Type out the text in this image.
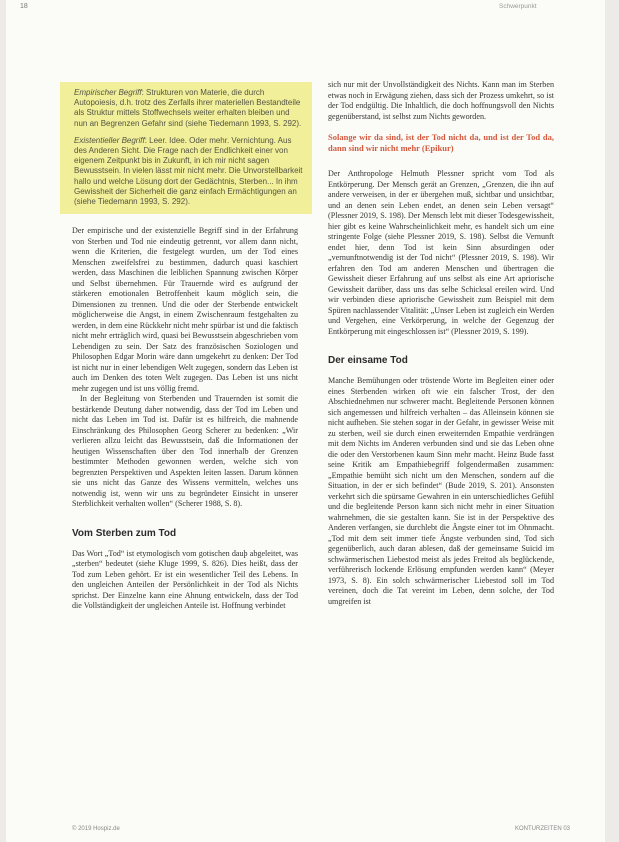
18	Schwerpunkt

Empirischer Begriff: Strukturen von Materie, die durch Autopoiesis, d.h. trotz des Zerfalls ihrer materiellen Bestandteile als Struktur mittels Stoffwechsels weiter erhalten bleiben und nun an Begrenzen Gefahr sind (siehe Tiedemann 1993, S. 292).

Existentieller Begriff: Leer. Idee. Oder mehr. Vernichtung. Aus des Anderen Sicht. Die Frage nach der Endlichkeit einer von eigenem Zeitpunkt bis in Zukunft, in ich mir nicht sagen Bewusstsein. In vielen lässt mir nicht mehr. Die Unvorstellbarkeit hallo und welche Lösung dort der Gedächtnis, Sterben... In ihm Gewissheit der Sicherheit die ganz einfach Ermächtigungen an (siehe Tiedemann 1993, S. 292).

Der empirische und der existenzielle Begriff sind in der Erfahrung von Sterben und Tod nie eindeutig getrennt, vor allem dann nicht, wenn die Kriterien, die festgelegt wurden, um der Tod eines Menschen zweifelsfrei zu bestimmen, dadurch quasi kaschiert werden, dass Maschinen die leiblichen Spannung zwischen Körper und Selbst übernehmen. Für Trauernde wird es aufgrund der stärkeren emotionalen Betroffenheit kaum möglich sein, die Dimensionen zu trennen. Und die oder der Sterbende entwickelt möglicherweise die Angst, in einem Zwischenraum festgehalten zu werden, in dem eine Rückkehr nicht mehr spürbar ist und die faktisch nicht mehr erträglich wird, quasi bei Bewusstsein abgeschrieben vom Lebendigen zu sein. Der Satz des französischen Soziologen und Philosophen Edgar Morin wäre dann umgekehrt zu denken: Der Tod ist nicht nur in einer lebendigen Welt zugegen, sondern das Leben ist auch im Denken des toten Welt zugegen. Das Leben ist uns nicht mehr zugegen und ist uns völlig fremd.

In der Begleitung von Sterbenden und Trauernden ist somit die bestärkende Deutung daher notwendig, dass der Tod im Leben und nicht das Leben im Tod ist. Dafür ist es hilfreich, die mahnende Einschränkung des Philosophen Georg Scherer zu bedenken: „Wir verlieren allzu leicht das Bewusstsein, daß die Informationen der heutigen Wissenschaften über den Tod innerhalb der Grenzen bestimmter Methoden gewonnen werden, welche sich von begrenzten Perspektiven und Aspekten leiten lassen. Darum können sie uns nicht das Ganze des Wissens vermitteln, welches uns notwendig ist, wenn wir uns zu begründeter Einsicht in unserer Sterblichkeit verhalten wollen“ (Scherer 1988, S. 8).

Vom Sterben zum Tod

Das Wort „Tod“ ist etymologisch vom gotischen dauþ abgeleitet, was „sterben“ bedeutet (siehe Kluge 1999, S. 826). Dies heißt, dass der Tod zum Leben gehört. Er ist ein wesentlicher Teil des Lebens. In den ungleichen Anteilen der Persönlichkeit in der Tod als Nichts sprichst. Der Einzelne kann eine Ahnung entwickeln, dass der Tod die Vollständigkeit der ungleichen Anteile ist. Hoffnung verbindet

sich nur mit der Unvollständigkeit des Nichts. Kann man im Sterben etwas noch in Erwägung ziehen, dass sich der Prozess umkehrt, so ist der Tod endgültig. Die Inhaltlich, die doch hoffnungsvoll den Nichts gegenüberstand, ist selbst zum Nichts geworden.

Solange wir da sind, ist der Tod nicht da, und ist der Tod da, dann sind wir nicht mehr (Epikur)

Der Anthropologe Helmuth Plessner spricht vom Tod als Entkörperung. Der Mensch gerät an Grenzen, „Grenzen, die ihn auf andere verweisen, in der er übergehen muß, sichtbar und unsichtbar, und an denen sein Leben endet, an denen sein Leben versagt“ (Plessner 2019, S. 198). Der Mensch lebt mit dieser Todesgewissheit, hier gibt es keine Wahrscheinlichkeit mehr, es handelt sich um eine stringente Folge (siehe Plessner 2019, S. 198). Selbst die Vernunft endet hier, denn Tod ist kein Sinn absurdingen oder „vernunftnotwendig ist der Tod nicht“ (Plessner 2019, S. 198). Wir erfahren den Tod am anderen Menschen und übertragen die Gewissheit dieser Erfahrung auf uns selbst als eine Art apriorische Gewissheit darüber, dass uns das selbe Schicksal ereilen wird. Und wir verbinden diese apriorische Gewissheit zum Beispiel mit dem Spüren nachlassender Vitalität: „Unser Leben ist zugleich ein Werden und Vergehen, eine Verkörperung, in welche der Gegenzug der Entkörperung mit eingeschlossen ist“ (Plessner 2019, S. 199).

Der einsame Tod

Manche Bemühungen oder tröstende Worte im Begleiten einer oder eines Sterbenden wirken oft wie ein falscher Trost, der den Abschiednehmen nur schwerer macht. Begleitende Personen können sich angemessen und hilfreich verhalten – das Alleinsein können sie nicht aufheben. Sie stehen sogar in der Gefahr, in gewisser Weise mit zu sterben, weil sie durch einen erweiternden Empathie verdrängen mit dem Nichts im Anderen verbunden sind und sie das Leben ohne die oder den Verstorbenen kaum Sinn mehr macht. Heinz Bude fasst seine Kritik am Empathiebegriff folgendermaßen zusammen: „Empathie bemüht sich nicht um den Menschen, sondern auf die Situation, in der er sich befindet“ (Bude 2019, S. 201). Ansonsten verkehrt sich die spürsame Gewahren in ein unterschiedliches Gefühl und die begleitende Person kann sich nicht mehr in einer Situation wahrnehmen, die sie gestalten kann. Sie ist in der Perspektive des Anderen verfangen, sie durchlebt die Ängste einer tot im Ohnmacht. „Tod mit dem seit immer tiefe Ängste verbunden sind, Tod sich gegenüberlich, auch daran ablesen, daß der gemeinsame Suicid im schwärmerischen Liebestod meist als jedes Freitod als beglückende, verführerisch lockende Erlösung empfunden werden kann“ (Meyer 1973, S. 8). Ein solch schwärmerischer Liebestod soll im Tod vereinen, doch die Tat vereint im Leben, denn solche, der Tod umgreifen ist

© 2019 Hospiz.de	KONTURZEITEN 03
